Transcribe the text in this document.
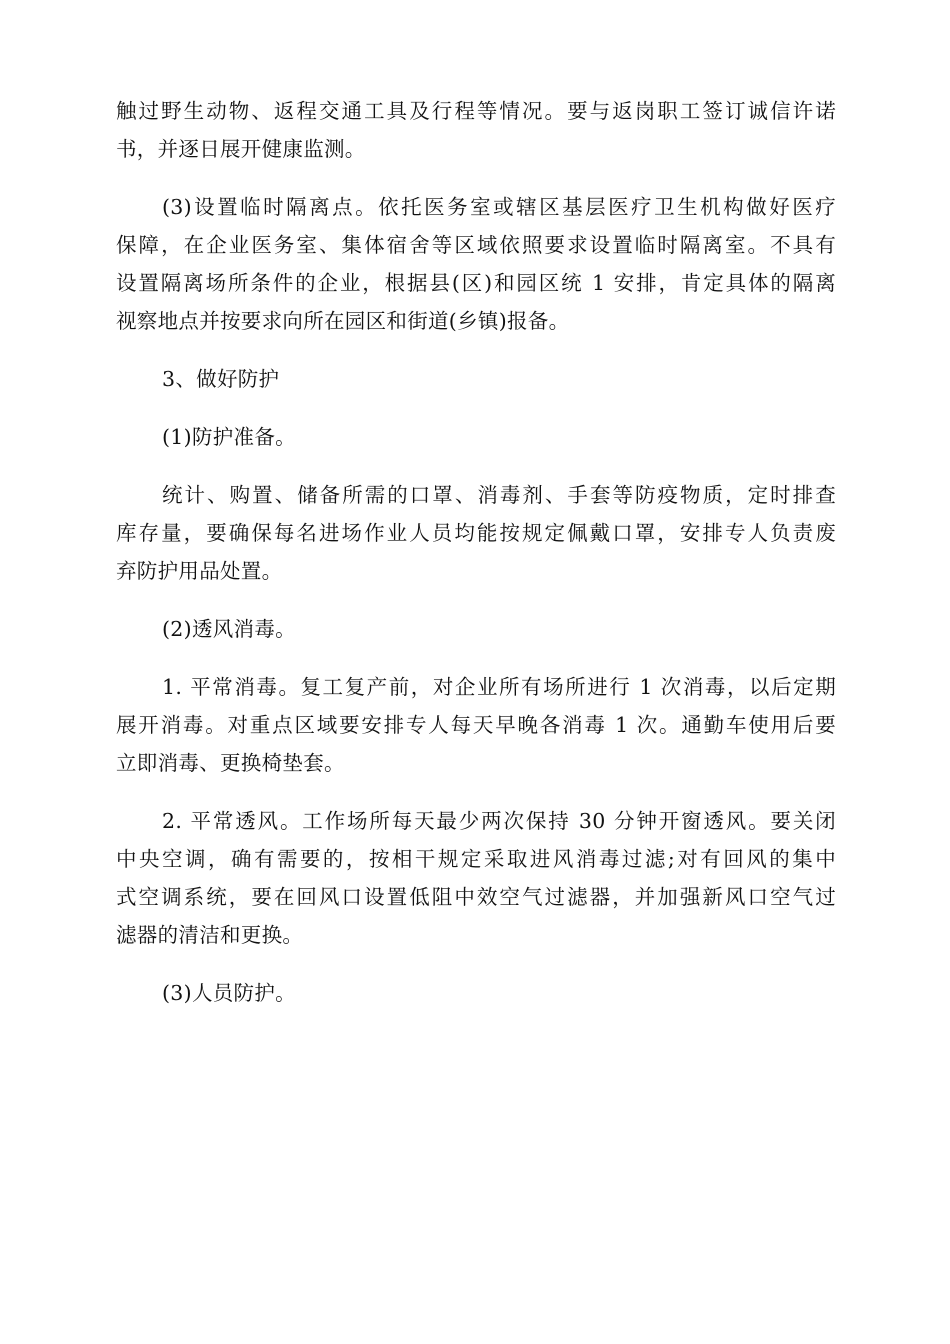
触过野生动物、返程交通工具及行程等情况。要与返岗职工签订诚信许诺
书，并逐日展开健康监测。

(3)设置临时隔离点。依托医务室或辖区基层医疗卫生机构做好医疗
保障，在企业医务室、集体宿舍等区域依照要求设置临时隔离室。不具有
设置隔离场所条件的企业，根据县(区)和园区统 1 安排，肯定具体的隔离
视察地点并按要求向所在园区和街道(乡镇)报备。

3、做好防护

(1)防护准备。

统计、购置、储备所需的口罩、消毒剂、手套等防疫物质，定时排查
库存量，要确保每名进场作业人员均能按规定佩戴口罩，安排专人负责废
弃防护用品处置。

(2)透风消毒。

1. 平常消毒。复工复产前，对企业所有场所进行 1 次消毒，以后定期
展开消毒。对重点区域要安排专人每天早晚各消毒 1 次。通勤车使用后要
立即消毒、更换椅垫套。

2. 平常透风。工作场所每天最少两次保持 30 分钟开窗透风。要关闭
中央空调，确有需要的，按相干规定采取进风消毒过滤;对有回风的集中
式空调系统，要在回风口设置低阻中效空气过滤器，并加强新风口空气过
滤器的清洁和更换。

(3)人员防护。
